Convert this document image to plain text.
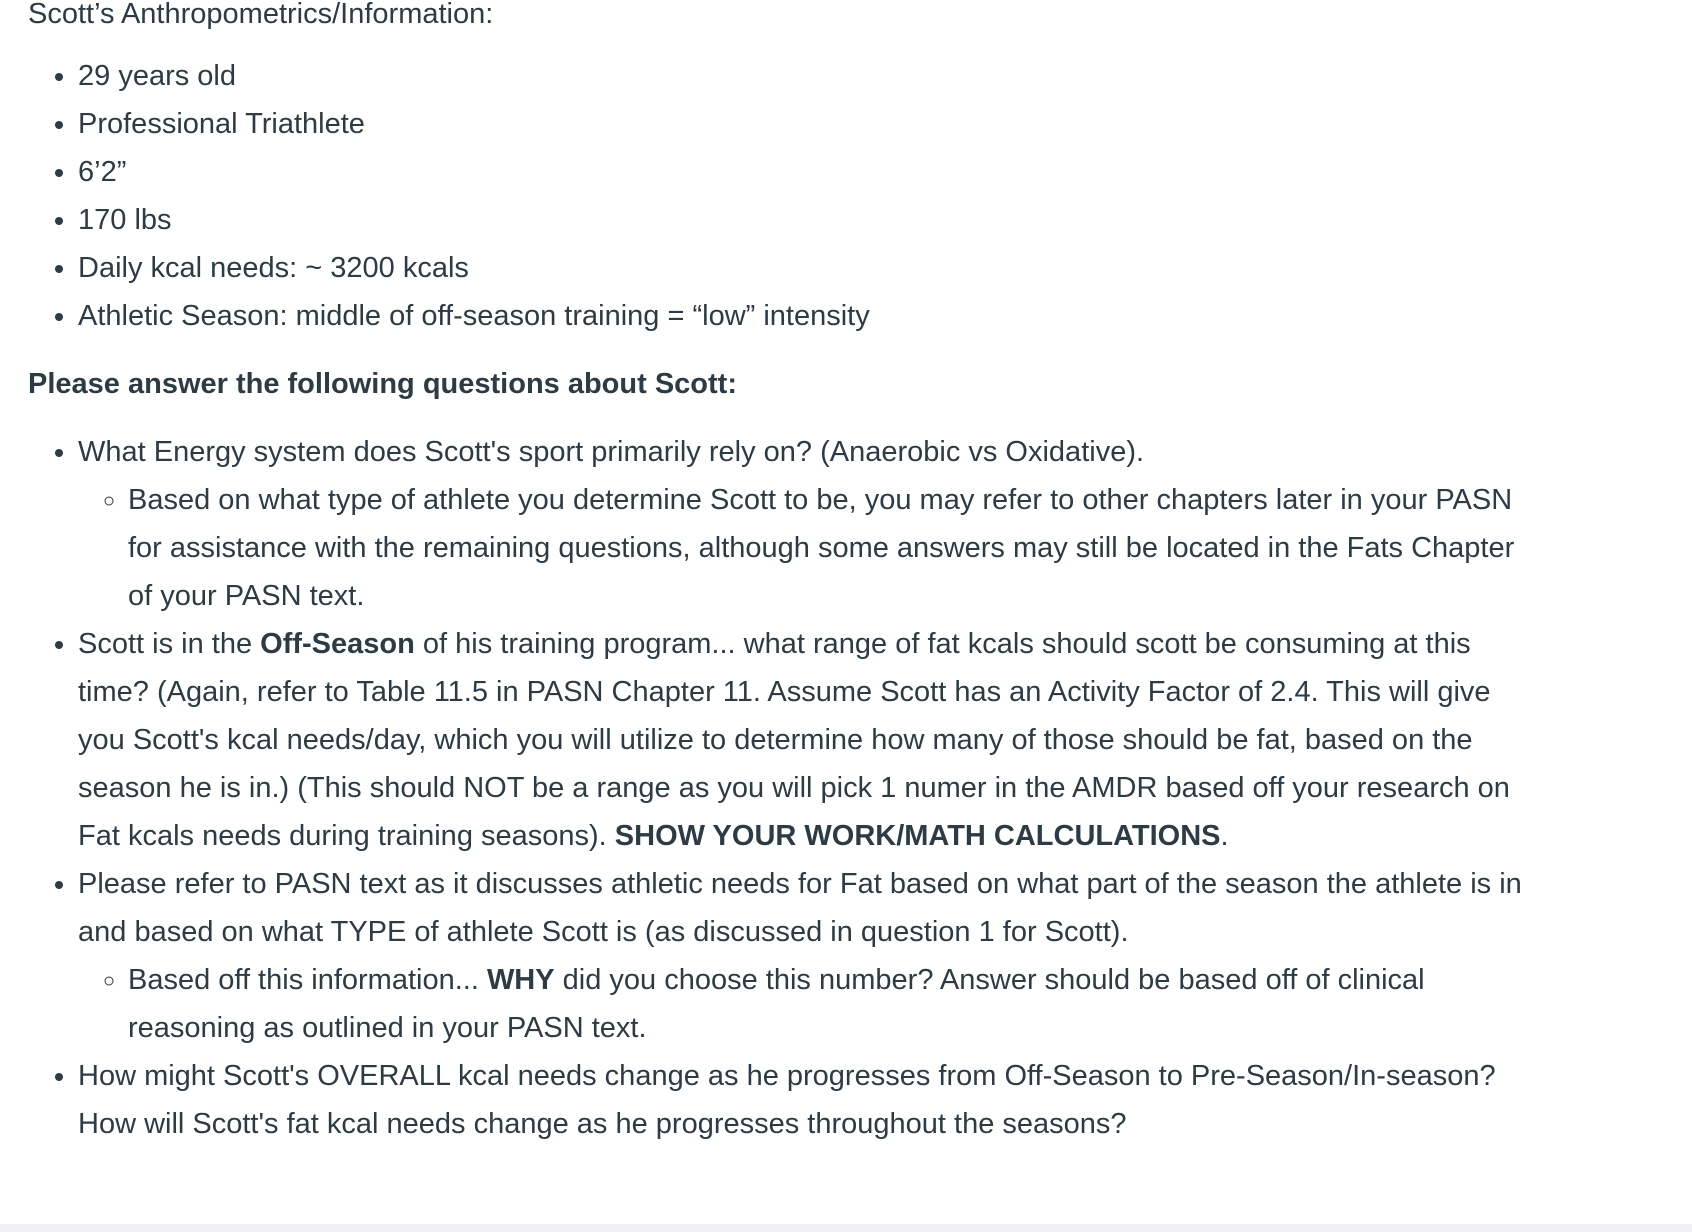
Scott’s Anthropometrics/Information:

• 29 years old
• Professional Triathlete
• 6’2”
• 170 lbs
• Daily kcal needs: ~ 3200 kcals
• Athletic Season: middle of off-season training = “low” intensity

Please answer the following questions about Scott:

• What Energy system does Scott's sport primarily rely on? (Anaerobic vs Oxidative).
◦ Based on what type of athlete you determine Scott to be, you may refer to other chapters later in your PASN for assistance with the remaining questions, although some answers may still be located in the Fats Chapter of your PASN text.
• Scott is in the Off-Season of his training program... what range of fat kcals should scott be consuming at this time? (Again, refer to Table 11.5 in PASN Chapter 11. Assume Scott has an Activity Factor of 2.4. This will give you Scott's kcal needs/day, which you will utilize to determine how many of those should be fat, based on the season he is in.) (This should NOT be a range as you will pick 1 numer in the AMDR based off your research on Fat kcals needs during training seasons). SHOW YOUR WORK/MATH CALCULATIONS.
• Please refer to PASN text as it discusses athletic needs for Fat based on what part of the season the athlete is in and based on what TYPE of athlete Scott is (as discussed in question 1 for Scott).
◦ Based off this information... WHY did you choose this number? Answer should be based off of clinical reasoning as outlined in your PASN text.
• How might Scott's OVERALL kcal needs change as he progresses from Off-Season to Pre-Season/In-season? How will Scott's fat kcal needs change as he progresses throughout the seasons?
